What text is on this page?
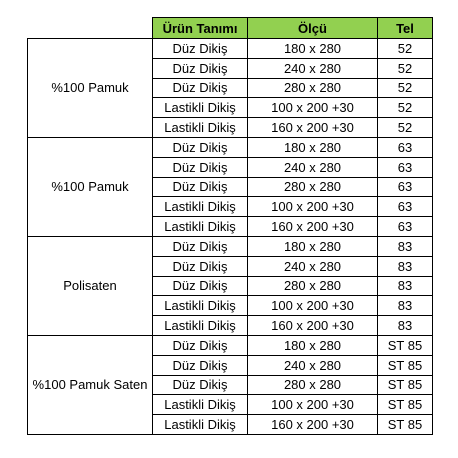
	Ürün Tanımı	Ölçü	Tel
%100 Pamuk	Düz Dikiş	180 x 280	52
	Düz Dikiş	240 x 280	52
	Düz Dikiş	280 x 280	52
	Lastikli Dikiş	100 x 200 +30	52
	Lastikli Dikiş	160 x 200 +30	52
%100 Pamuk	Düz Dikiş	180 x 280	63
	Düz Dikiş	240 x 280	63
	Düz Dikiş	280 x 280	63
	Lastikli Dikiş	100 x 200 +30	63
	Lastikli Dikiş	160 x 200 +30	63
Polisaten	Düz Dikiş	180 x 280	83
	Düz Dikiş	240 x 280	83
	Düz Dikiş	280 x 280	83
	Lastikli Dikiş	100 x 200 +30	83
	Lastikli Dikiş	160 x 200 +30	83
%100 Pamuk Saten	Düz Dikiş	180 x 280	ST 85
	Düz Dikiş	240 x 280	ST 85
	Düz Dikiş	280 x 280	ST 85
	Lastikli Dikiş	100 x 200 +30	ST 85
	Lastikli Dikiş	160 x 200 +30	ST 85
